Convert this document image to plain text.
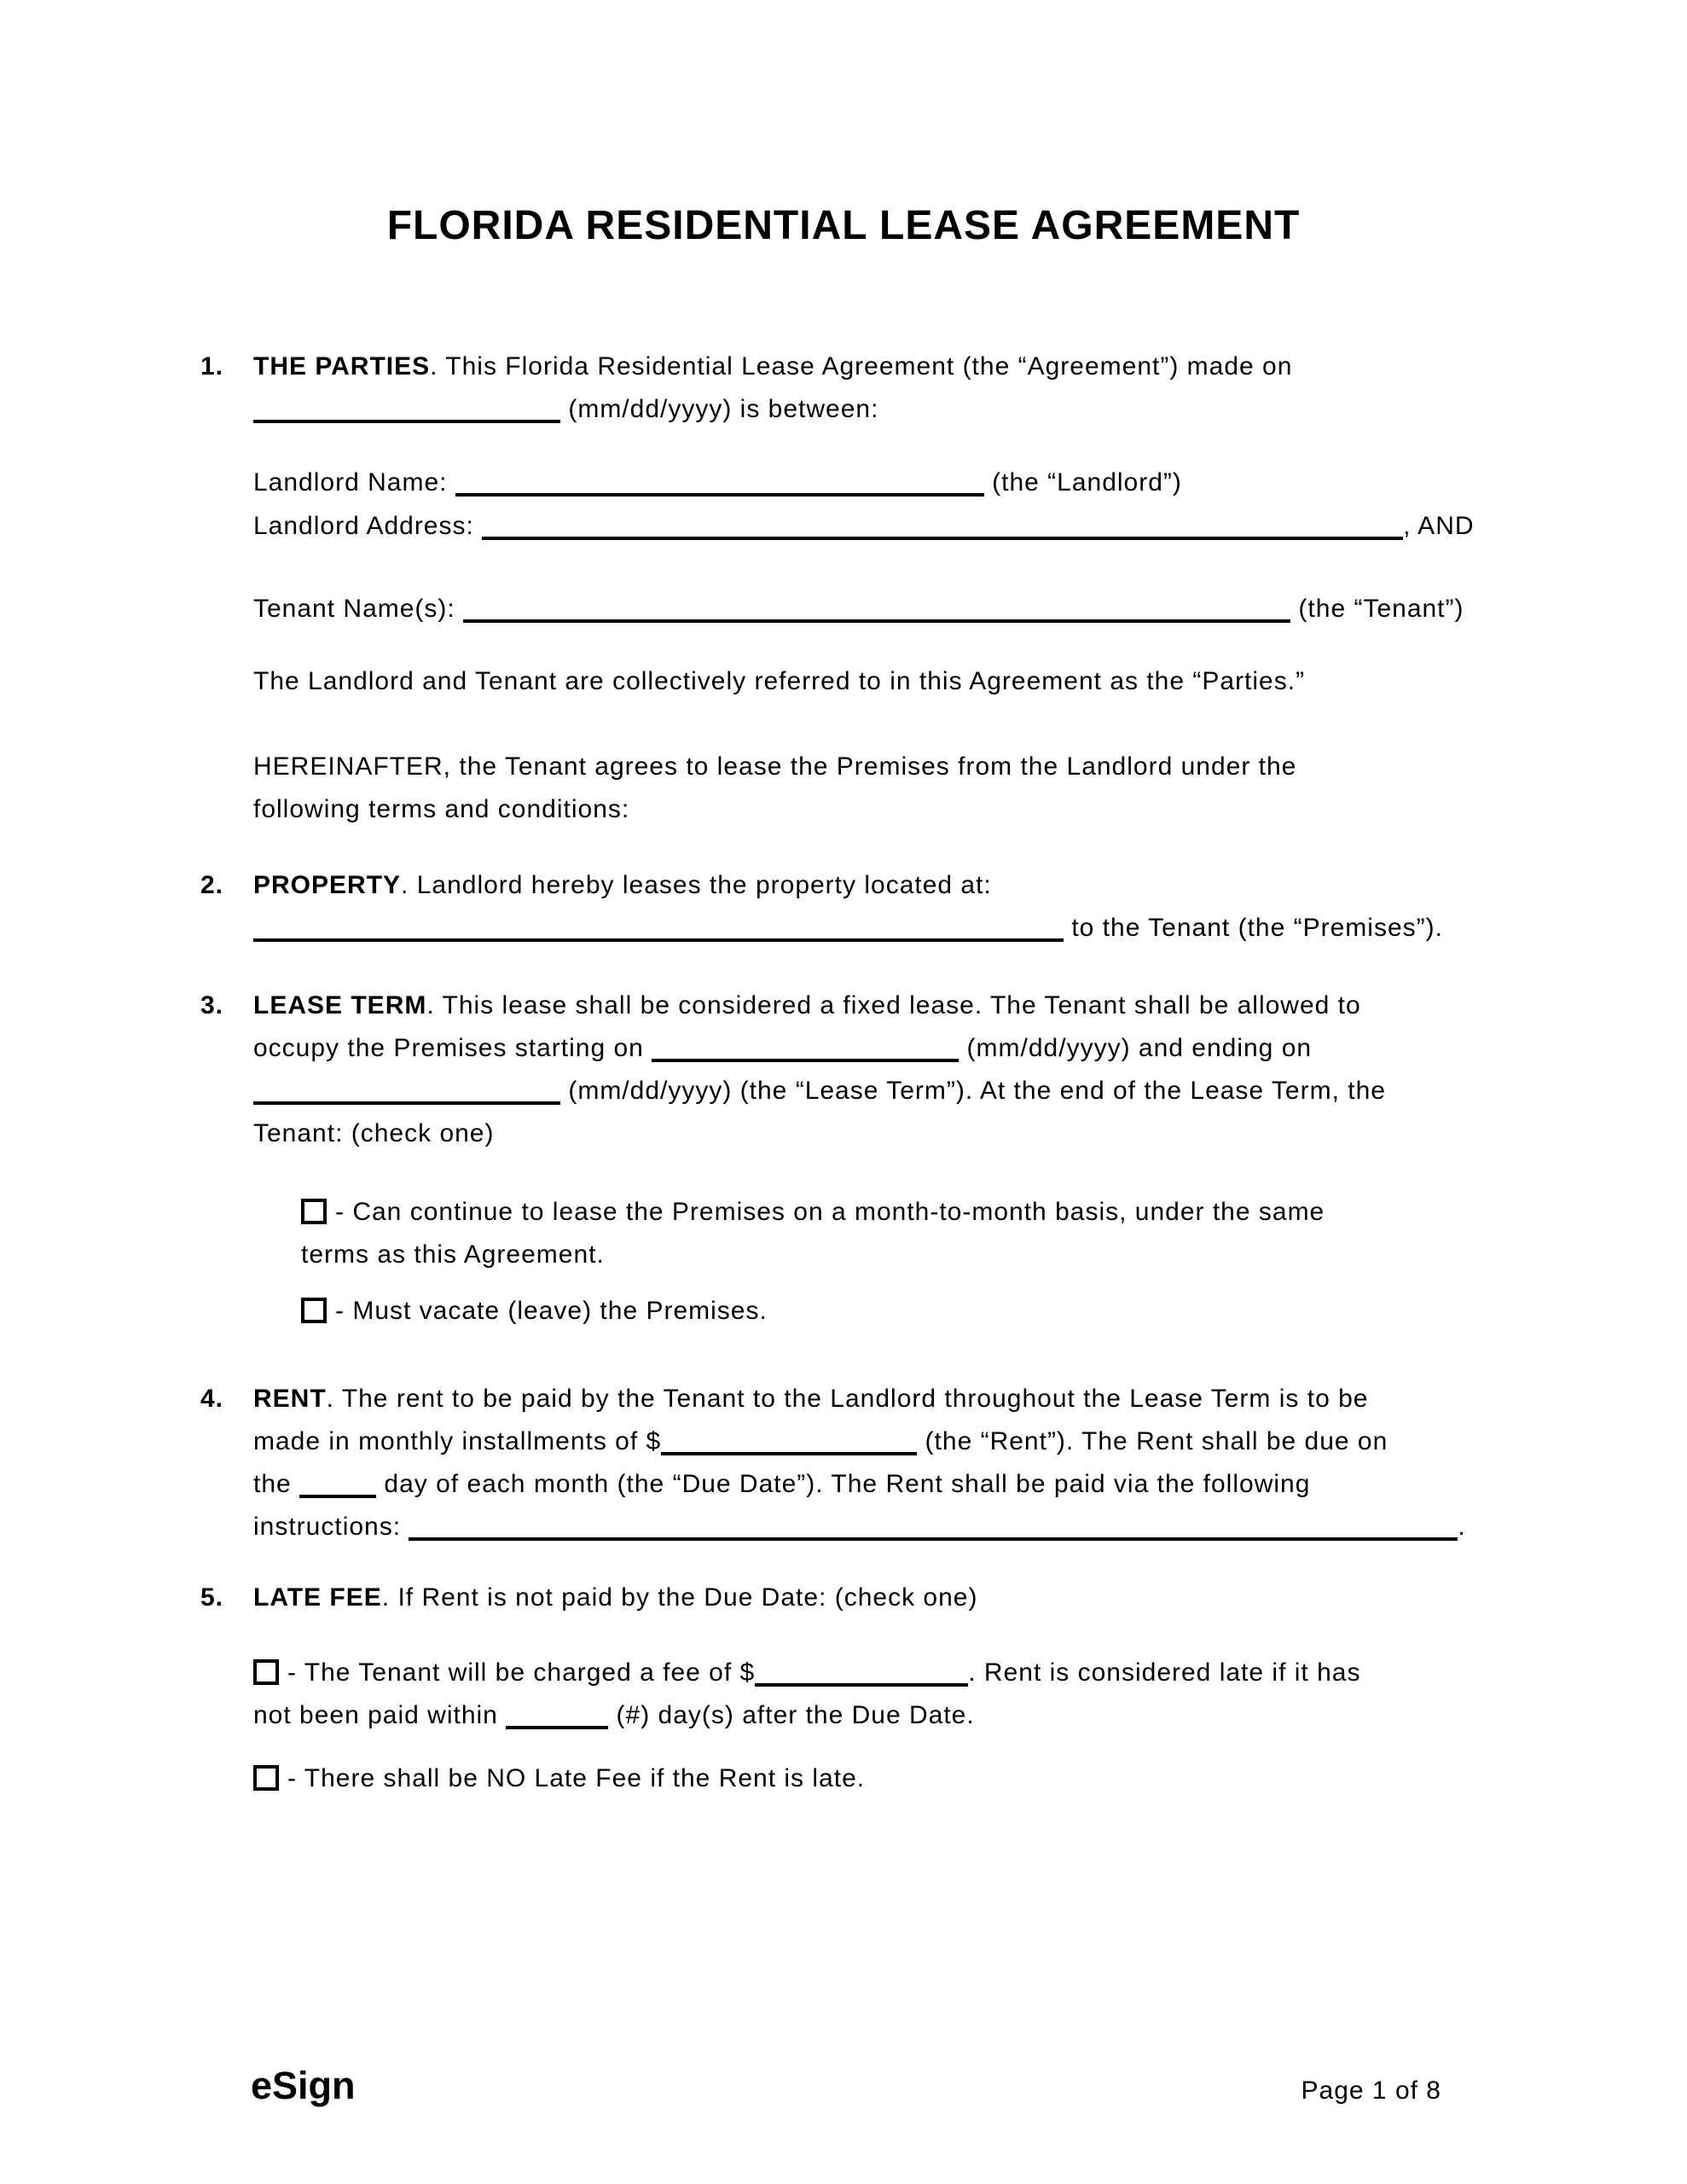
FLORIDA RESIDENTIAL LEASE AGREEMENT
1. THE PARTIES. This Florida Residential Lease Agreement (the “Agreement”) made on
(mm/dd/yyyy) is between:
Landlord Name:	(the “Landlord”)
Landlord Address:	, AND
Tenant Name(s):	(the “Tenant”)
The Landlord and Tenant are collectively referred to in this Agreement as the “Parties.”
HEREINAFTER, the Tenant agrees to lease the Premises from the Landlord under the
following terms and conditions:
2. PROPERTY. Landlord hereby leases the property located at:
to the Tenant (the “Premises”).
3. LEASE TERM. This lease shall be considered a fixed lease. The Tenant shall be allowed to
occupy the Premises starting on	(mm/dd/yyyy) and ending on
(mm/dd/yyyy) (the “Lease Term”). At the end of the Lease Term, the
Tenant: (check one)
- Can continue to lease the Premises on a month-to-month basis, under the same
terms as this Agreement.
- Must vacate (leave) the Premises.
4. RENT. The rent to be paid by the Tenant to the Landlord throughout the Lease Term is to be
made in monthly installments of $	(the “Rent”). The Rent shall be due on
the	day of each month (the “Due Date”). The Rent shall be paid via the following
instructions:	.
5. LATE FEE. If Rent is not paid by the Due Date: (check one)
- The Tenant will be charged a fee of $	. Rent is considered late if it has
not been paid within	(#) day(s) after the Due Date.
- There shall be NO Late Fee if the Rent is late.
eSign	Page 1 of 8
